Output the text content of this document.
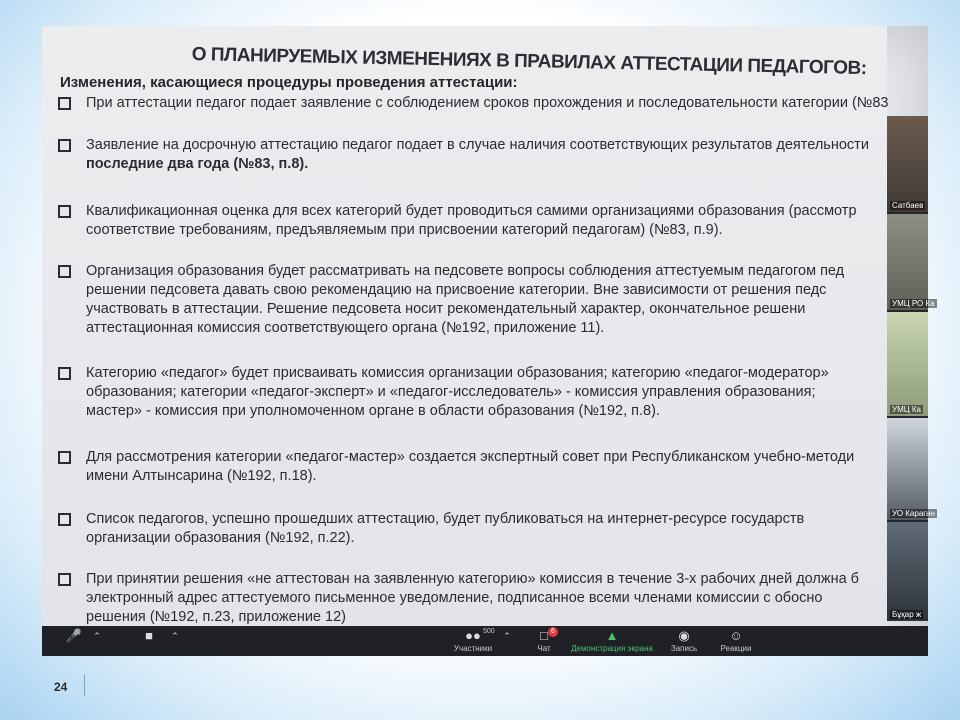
О ПЛАНИРУЕМЫХ ИЗМЕНЕНИЯХ В ПРАВИЛАХ АТТЕСТАЦИИ ПЕДАГОГОВ:
Изменения, касающиеся процедуры проведения аттестации:
При аттестации педагог подает заявление с соблюдением сроков прохождения и последовательности категории (№83
Заявление на досрочную аттестацию педагог подает в случае наличия соответствующих результатов деятельности
последние два года (№83, п.8).
Квалификационная оценка для всех категорий будет проводиться самими организациями образования (рассмотр
соответствие требованиям, предъявляемым при присвоении категорий педагогам) (№83, п.9).
Организация образования будет рассматривать на педсовете вопросы соблюдения аттестуемым педагогом пед
решении педсовета давать свою рекомендацию на присвоение категории. Вне зависимости от решения педс
участвовать в аттестации. Решение педсовета носит рекомендательный характер, окончательное решени
аттестационная комиссия соответствующего органа (№192, приложение 11).
Категорию «педагог» будет присваивать комиссия организации образования; категорию «педагог-модератор»
образования; категории «педагог-эксперт» и «педагог-исследователь» - комиссия управления образования;
мастер» - комиссия при уполномоченном органе в области образования (№192, п.8).
Для рассмотрения категории «педагог-мастер» создается экспертный совет при Республиканском учебно-методи
имени Алтынсарина (№192, п.18).
Список педагогов, успешно прошедших аттестацию, будет публиковаться на интернет-ресурсе государств
организации образования (№192, п.22).
При принятии решения «не аттестован на заявленную категорию» комиссия в течение 3-х рабочих дней должна б
электронный адрес аттестуемого письменное уведомление, подписанное всеми членами комиссии с обосно
решения (№192, п.23, приложение 12)
Сатбаев
УМЦ РО Ка
УМЦ Ка
УО Караган
Бұқар ж
🎤	⌃	■	⌃	●● 500
Участники
⌃	□ 6
Чат
▲
Демонстрация экрана
◉
Запись
☺
Реакции
24
